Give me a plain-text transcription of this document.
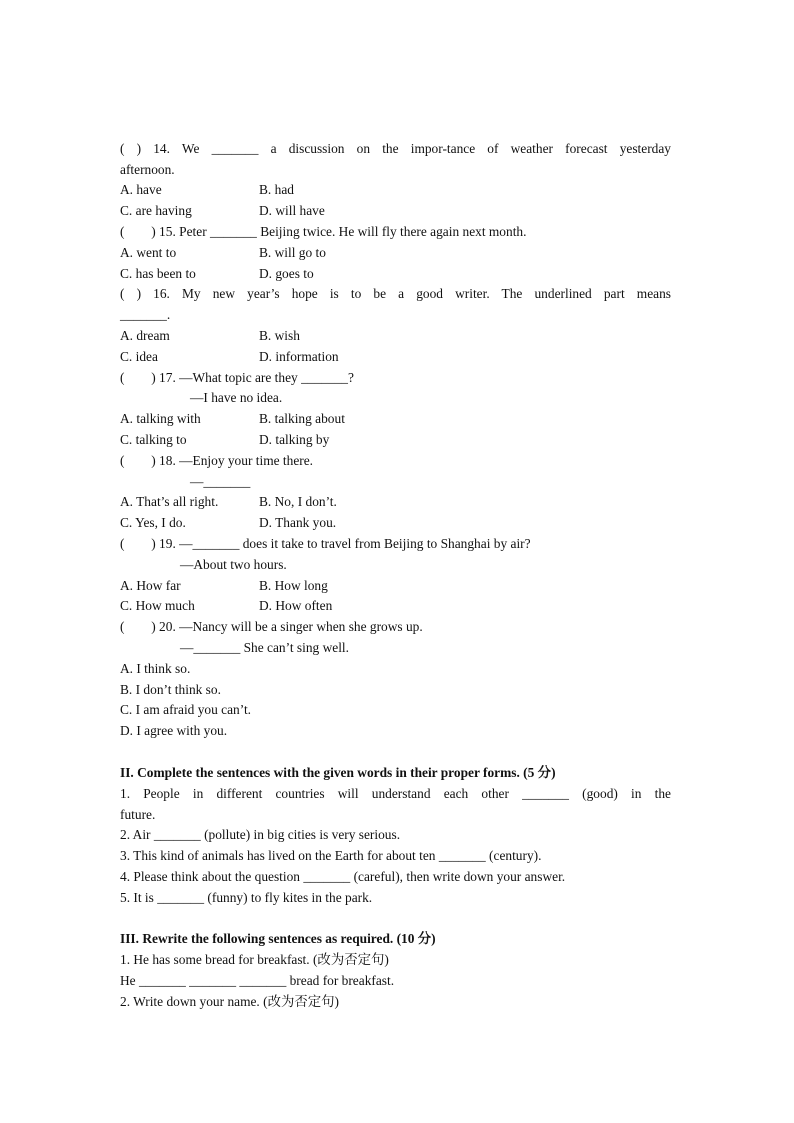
( ) 14. We _______ a discussion on the impor-tance of weather forecast yesterday
afternoon.
A. have	B. had
C. are having	D. will have
(        ) 15. Peter _______ Beijing twice. He will fly there again next month.
A. went to	B. will go to
C. has been to	D. goes to
( ) 16. My new year’s hope is to be a good writer. The underlined part means
_______.
A. dream	B. wish
C. idea	D. information
(        ) 17. —What topic are they _______?
—I have no idea.
A. talking with	B. talking about
C. talking to	D. talking by
(        ) 18. —Enjoy your time there.
—_______
A. That’s all right.	B. No, I don’t.
C. Yes, I do.	D. Thank you.
(        ) 19. —_______ does it take to travel from Beijing to Shanghai by air?
—About two hours.
A. How far	B. How long
C. How much	D. How often
(        ) 20. —Nancy will be a singer when she grows up.
—_______ She can’t sing well.
A. I think so.
B. I don’t think so.
C. I am afraid you can’t.
D. I agree with you.
II. Complete the sentences with the given words in their proper forms. (5 分)
1. People in different countries will understand each other _______ (good) in the
future.
2. Air _______ (pollute) in big cities is very serious.
3. This kind of animals has lived on the Earth for about ten _______ (century).
4. Please think about the question _______ (careful), then write down your answer.
5. It is _______ (funny) to fly kites in the park.
III. Rewrite the following sentences as required. (10 分)
1. He has some bread for breakfast. (改为否定句)
He _______ _______ _______ bread for breakfast.
2. Write down your name. (改为否定句)
